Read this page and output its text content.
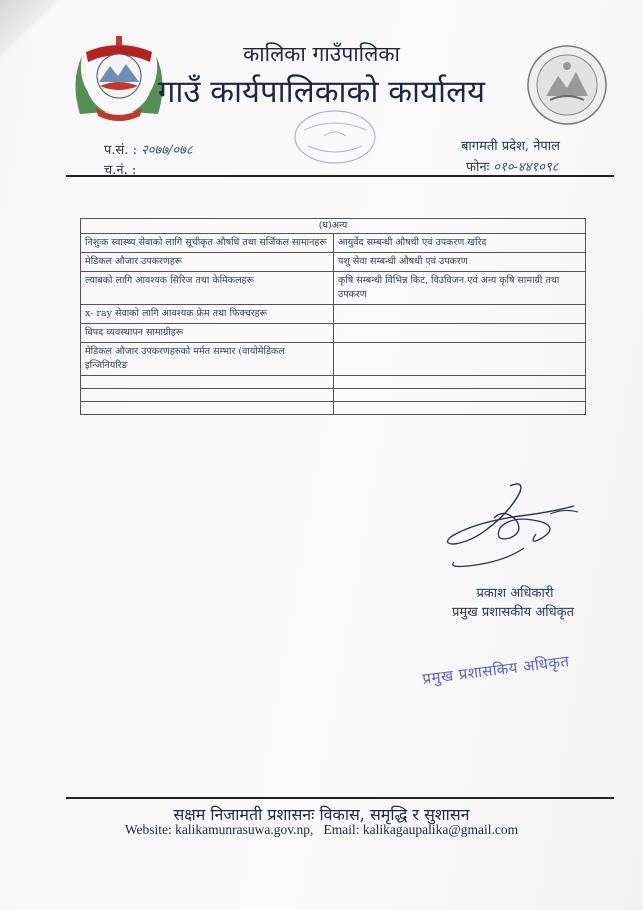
कालिका गाउँपालिका
गाउँ कार्यपालिकाको कार्यालय
प.सं. : २०७७/०७८
च.नं. :
बागमती प्रदेश, नेपाल
फोनः ०१०-४४१०९८
(घ)अन्य	
निशुःक स्वास्थ्य सेवाको लागि सूचीकृत औषधि तथा सर्जिकल सामानहरू	आयुर्वेद सम्बन्धी औषधी एवं उपकरण खरिद
मेडिकल औजार उपकरणहरू	पशु सेवा सम्बन्धी औषधी एवं उपकरण
ल्याबको लागि आवश्यक सिरिज तथा केमिकलहरू	कृषि सम्बन्धी विभिन्न किट, विउविजन एवं अन्य कृषि सामाग्री तथा उपकरण
x- ray सेवाको लागि आवश्यक फ्रेम तथा फिक्चरहरू	
विपद व्यवस्थापन सामाग्रीहरू	
मेडिकल औजार उपकरणहरुको मर्मत सम्भार (वायोमेडिकल इन्जिनियरिङ	

प्रकाश अधिकारी
प्रमुख प्रशासकीय अधिकृत
प्रमुख प्रशासकिय अधिकृत
सक्षम निजामती प्रशासनः विकास, समृद्धि र सुशासन
Website: kalikamunrasuwa.gov.np, Email: kalikagaupalika@gmail.com
